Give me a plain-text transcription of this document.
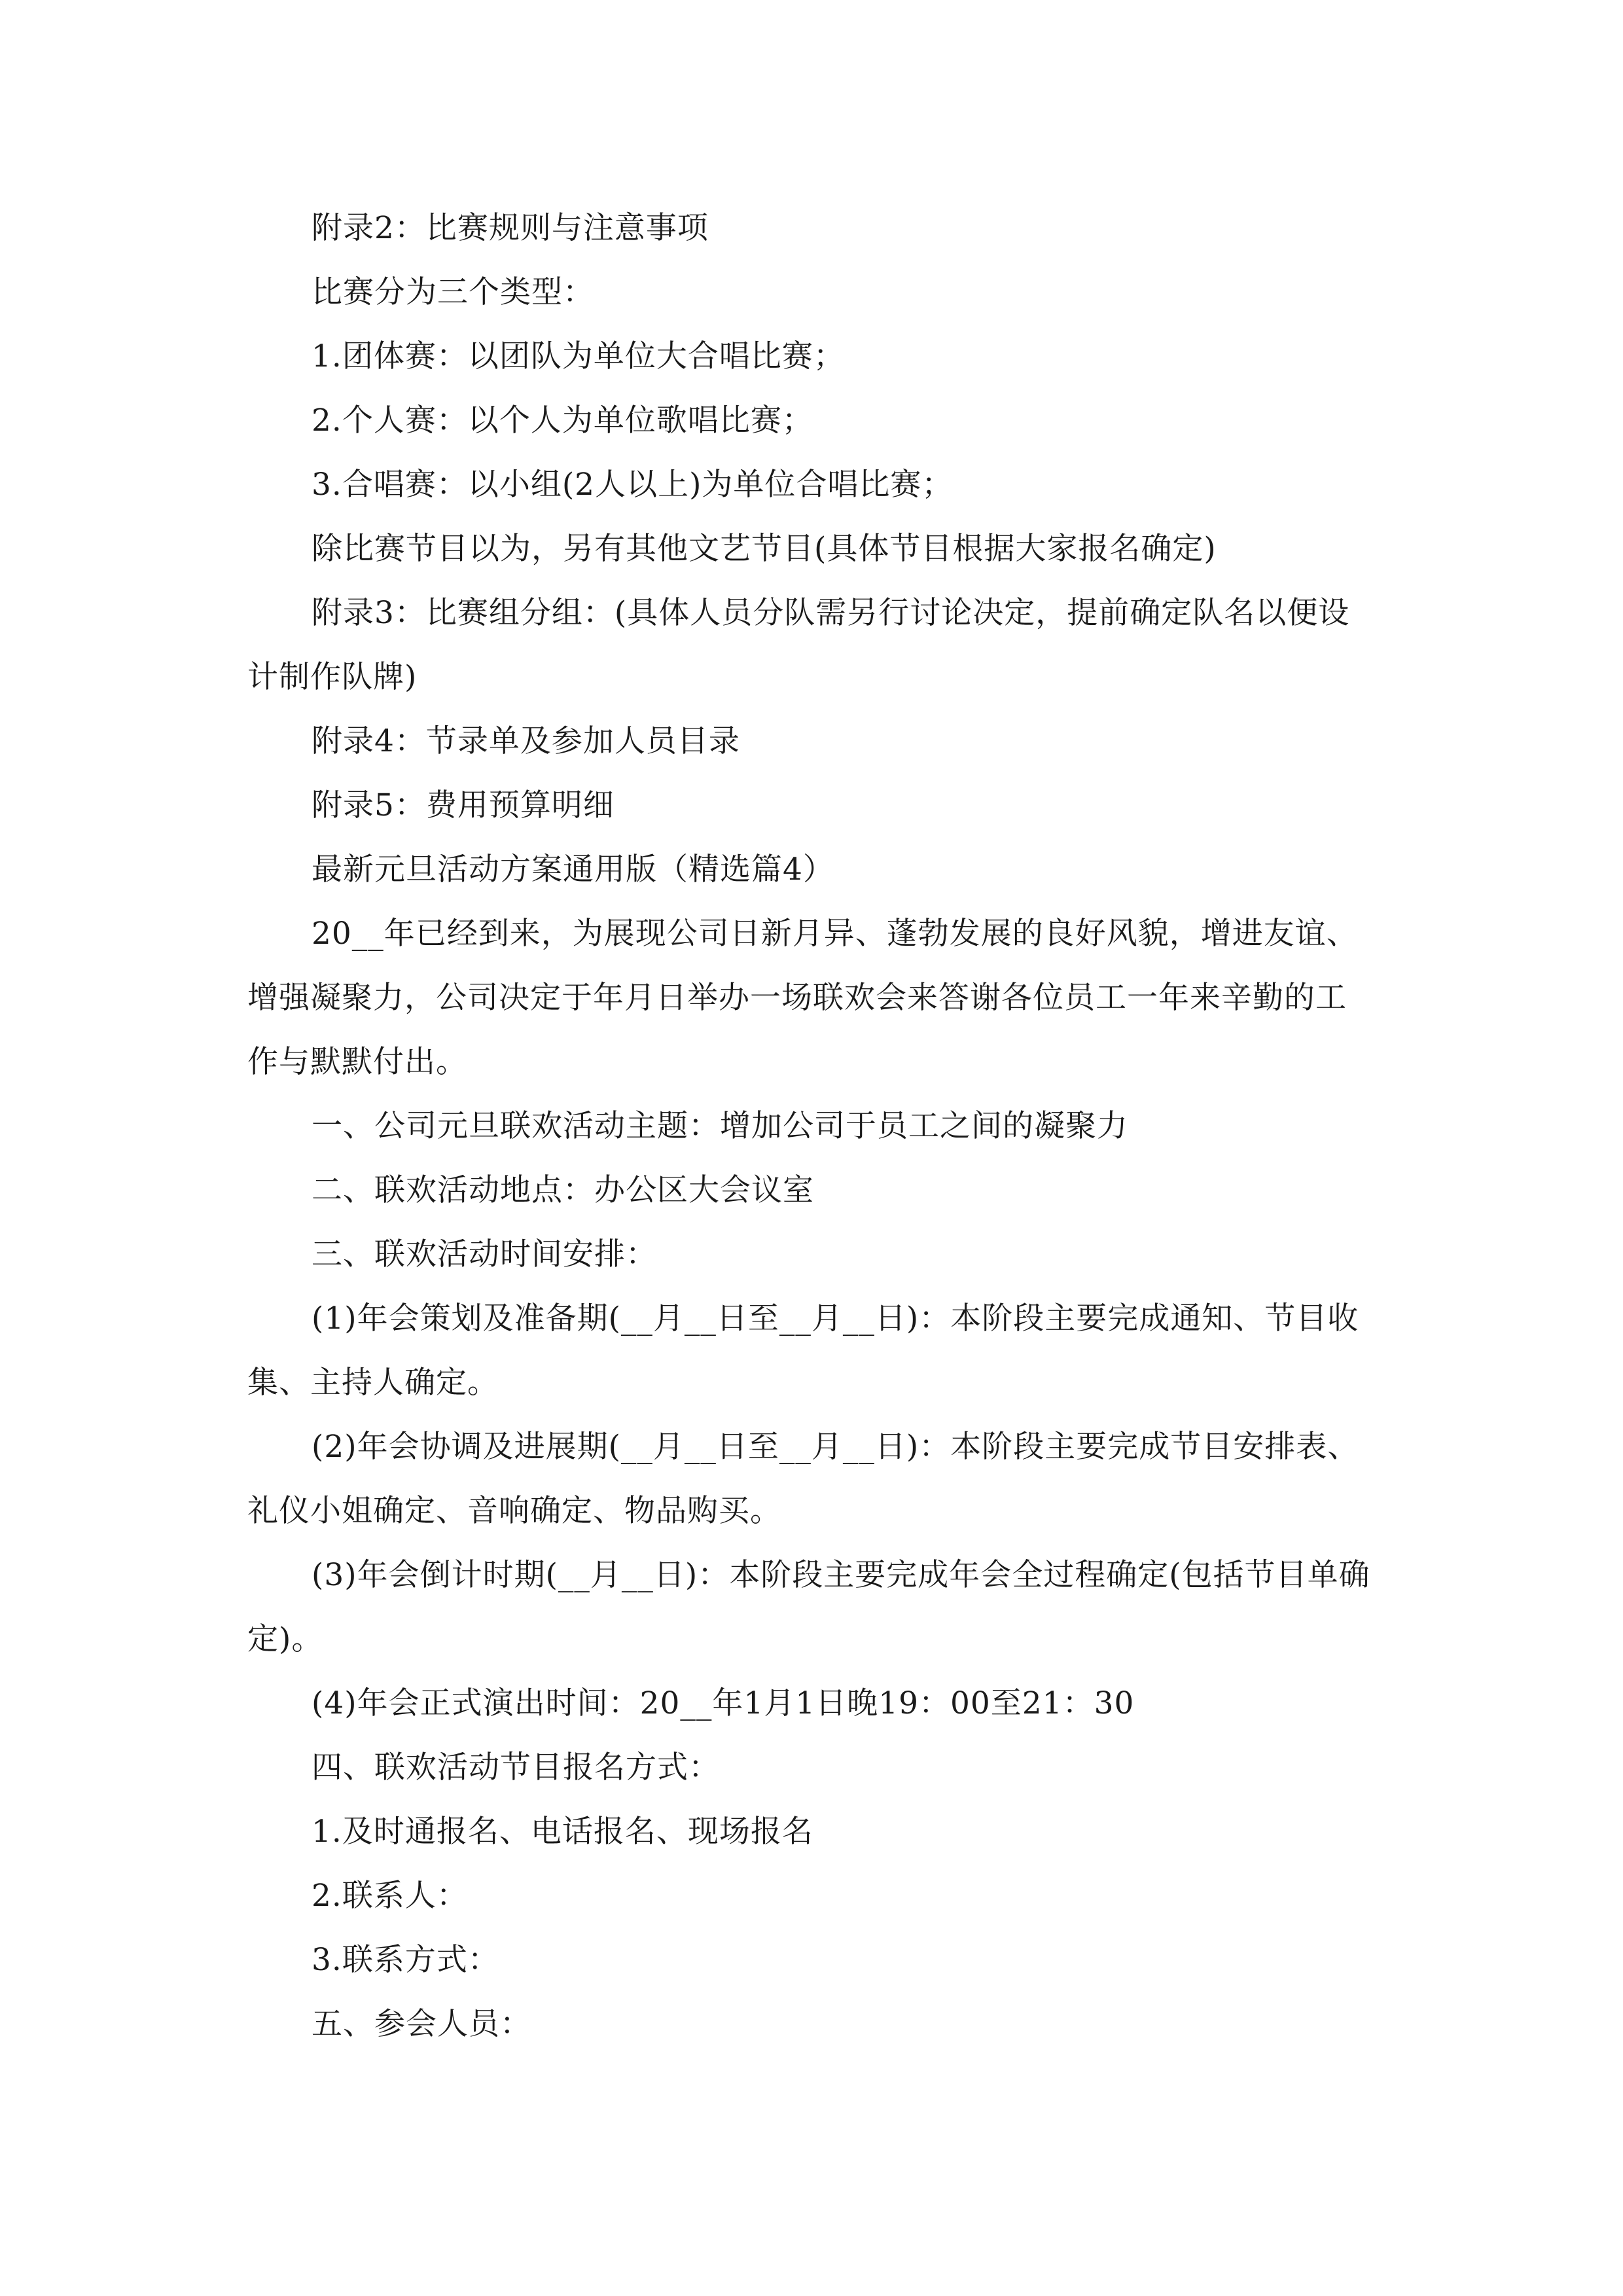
附录2：比赛规则与注意事项

比赛分为三个类型：

1.团体赛：以团队为单位大合唱比赛；

2.个人赛：以个人为单位歌唱比赛；

3.合唱赛：以小组(2人以上)为单位合唱比赛；

除比赛节目以为，另有其他文艺节目(具体节目根据大家报名确定)

附录3：比赛组分组：(具体人员分队需另行讨论决定，提前确定队名以便设计制作队牌)

附录4：节录单及参加人员目录

附录5：费用预算明细

最新元旦活动方案通用版（精选篇4）

20__年已经到来，为展现公司日新月异、蓬勃发展的良好风貌，增进友谊、增强凝聚力，公司决定于年月日举办一场联欢会来答谢各位员工一年来辛勤的工作与默默付出。

一、公司元旦联欢活动主题：增加公司于员工之间的凝聚力

二、联欢活动地点：办公区大会议室

三、联欢活动时间安排：

(1)年会策划及准备期(__月__日至__月__日)：本阶段主要完成通知、节目收集、主持人确定。

(2)年会协调及进展期(__月__日至__月__日)：本阶段主要完成节目安排表、礼仪小姐确定、音响确定、物品购买。

(3)年会倒计时期(__月__日)：本阶段主要完成年会全过程确定(包括节目单确定)。

(4)年会正式演出时间：20__年1月1日晚19：00至21：30

四、联欢活动节目报名方式：

1.及时通报名、电话报名、现场报名

2.联系人：

3.联系方式：

五、参会人员：
